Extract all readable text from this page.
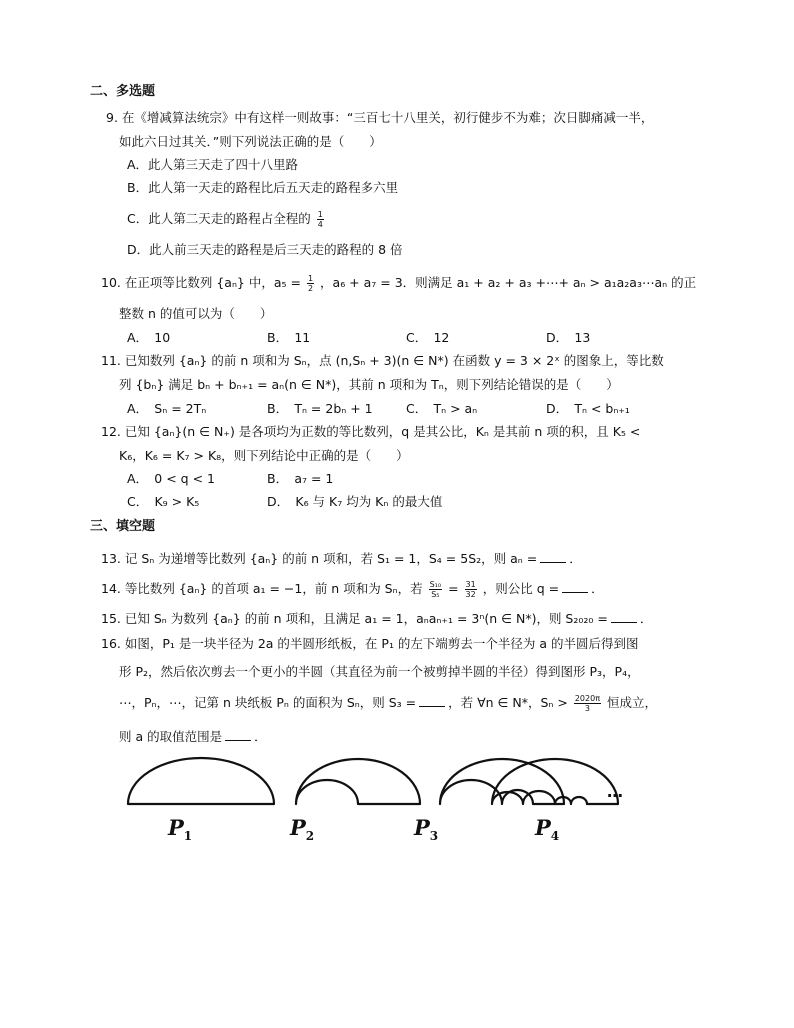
二、多选题
9. 在《增减算法统宗》中有这样一则故事：“三百七十八里关，初行健步不为难；次日脚痛减一半，
如此六日过其关．”则下列说法正确的是（　　）
A．此人第三天走了四十八里路
B．此人第一天走的路程比后五天走的路程多六里
C．此人第二天走的路程占全程的 $\frac{1}{4}$
D．此人前三天走的路程是后三天走的路程的 8 倍
10. 在正项等比数列 {aₙ} 中，$a_5 = \frac{1}{2}$ ，a₆ + a₇ = 3．则满足 a₁ + a₂ + a₃ +⋯+ aₙ > a₁a₂a₃⋯aₙ 的正
整数 n 的值可以为（　　）
A．　10	B．　11	C．　12	D．　13
11. 已知数列 {aₙ} 的前 n 项和为 Sₙ，点 (n,Sₙ + 3)(n ∈ N*) 在函数 y = 3 × 2ˣ 的图象上，等比数
列 {bₙ} 满足 bₙ + bₙ₊₁ = aₙ(n ∈ N*)，其前 n 项和为 Tₙ，则下列结论错误的是（　　）
A．　Sₙ = 2Tₙ	B．　Tₙ = 2bₙ + 1	C．　Tₙ > aₙ	D．　Tₙ < bₙ₊₁
12. 已知 {aₙ}(n ∈ N₊) 是各项均为正数的等比数列，q 是其公比，Kₙ 是其前 n 项的积，且 K₅ <
K₆，K₆ = K₇ > K₈，则下列结论中正确的是（　　）
A．　0 < q < 1	B．　a₇ = 1
C．　K₉ > K₅	D．　K₆ 与 K₇ 均为 Kₙ 的最大值
三、填空题
13. 记 Sₙ 为递增等比数列 {aₙ} 的前 n 项和，若 S₁ = 1，S₄ = 5S₂，则 aₙ =	．
14. 等比数列 {aₙ} 的首项 a₁ = −1，前 n 项和为 Sₙ，若 $\frac{\text{S₁₀}}{\text{S₅}} = \frac{31}{32}$ ，则公比 q =	．
15. 已知 Sₙ 为数列 {aₙ} 的前 n 项和，且满足 a₁ = 1，aₙaₙ₊₁ = 3ⁿ(n ∈ N*)，则 S₂₀₂₀ =	．
16. 如图，P₁ 是一块半径为 2a 的半圆形纸板，在 P₁ 的左下端剪去一个半径为 a 的半圆后得到图
形 P₂，然后依次剪去一个更小的半圆（其直径为前一个被剪掉半圆的半径）得到图形 P₃，P₄，
⋯，Pₙ，⋯，记第 n 块纸板 Pₙ 的面积为 Sₙ，则 S₃ =	，若 ∀n ∈ N*，$S_n > \frac{2020\pi}{3}$ 恒成立，
则 a 的取值范围是	．
$P_1$	$P_2$	$P_3$	$P_4$
⋯
